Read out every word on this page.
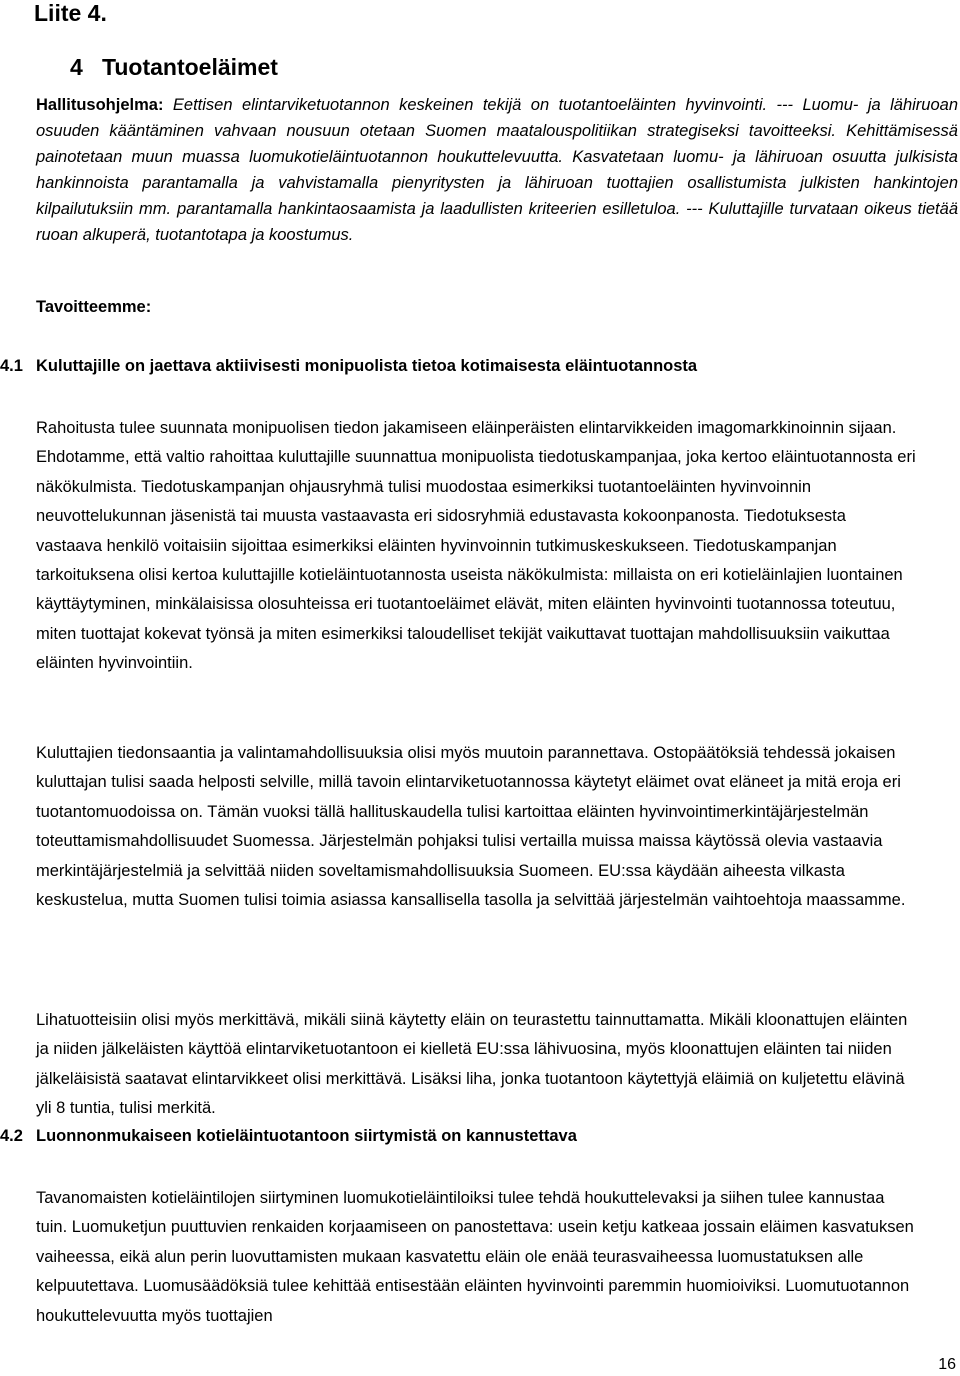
Liite 4.
4 Tuotantoeläimet
Hallitusohjelma: Eettisen elintarviketuotannon keskeinen tekijä on tuotantoeläinten hyvinvointi. --- Luomu- ja lähiruoan osuuden kääntäminen vahvaan nousuun otetaan Suomen maatalouspolitiikan strategiseksi tavoitteeksi. Kehittämisessä painotetaan muun muassa luomukotieläintuotannon houkuttelevuutta. Kasvatetaan luomu- ja lähiruoan osuutta julkisista hankinnoista parantamalla ja vahvistamalla pienyritysten ja lähiruoan tuottajien osallistumista julkisten hankintojen kilpailutuksiin mm. parantamalla hankintaosaamista ja laadullisten kriteerien esilletuloa. --- Kuluttajille turvataan oikeus tietää ruoan alkuperä, tuotantotapa ja koostumus.
Tavoitteemme:
4.1 Kuluttajille on jaettava aktiivisesti monipuolista tietoa kotimaisesta eläintuotannosta
Rahoitusta tulee suunnata monipuolisen tiedon jakamiseen eläinperäisten elintarvikkeiden imagomarkkinoinnin sijaan. Ehdotamme, että valtio rahoittaa kuluttajille suunnattua monipuolista tiedotuskampanjaa, joka kertoo eläintuotannosta eri näkökulmista. Tiedotuskampanjan ohjausryhmä tulisi muodostaa esimerkiksi tuotantoeläinten hyvinvoinnin neuvottelukunnan jäsenistä tai muusta vastaavasta eri sidosryhmiä edustavasta kokoonpanosta. Tiedotuksesta vastaava henkilö voitaisiin sijoittaa esimerkiksi eläinten hyvinvoinnin tutkimuskeskukseen. Tiedotuskampanjan tarkoituksena olisi kertoa kuluttajille kotieläintuotannosta useista näkökulmista: millaista on eri kotieläinlajien luontainen käyttäytyminen, minkälaisissa olosuhteissa eri tuotantoeläimet elävät, miten eläinten hyvinvointi tuotannossa toteutuu, miten tuottajat kokevat työnsä ja miten esimerkiksi taloudelliset tekijät vaikuttavat tuottajan mahdollisuuksiin vaikuttaa eläinten hyvinvointiin.
Kuluttajien tiedonsaantia ja valintamahdollisuuksia olisi myös muutoin parannettava. Ostopäätöksiä tehdessä jokaisen kuluttajan tulisi saada helposti selville, millä tavoin elintarviketuotannossa käytetyt eläimet ovat eläneet ja mitä eroja eri tuotantomuodoissa on. Tämän vuoksi tällä hallituskaudella tulisi kartoittaa eläinten hyvinvointimerkintäjärjestelmän toteuttamismahdollisuudet Suomessa. Järjestelmän pohjaksi tulisi vertailla muissa maissa käytössä olevia vastaavia merkintäjärjestelmiä ja selvittää niiden soveltamismahdollisuuksia Suomeen. EU:ssa käydään aiheesta vilkasta keskustelua, mutta Suomen tulisi toimia asiassa kansallisella tasolla ja selvittää järjestelmän vaihtoehtoja maassamme.
Lihatuotteisiin olisi myös merkittävä, mikäli siinä käytetty eläin on teurastettu tainnuttamatta. Mikäli kloonattujen eläinten ja niiden jälkeläisten käyttöä elintarviketuotantoon ei kielletä EU:ssa lähivuosina, myös kloonattujen eläinten tai niiden jälkeläisistä saatavat elintarvikkeet olisi merkittävä. Lisäksi liha, jonka tuotantoon käytettyjä eläimiä on kuljetettu elävinä yli 8 tuntia, tulisi merkitä.
4.2 Luonnonmukaiseen kotieläintuotantoon siirtymistä on kannustettava
Tavanomaisten kotieläintilojen siirtyminen luomukotieläintiloiksi tulee tehdä houkuttelevaksi ja siihen tulee kannustaa tuin. Luomuketjun puuttuvien renkaiden korjaamiseen on panostettava: usein ketju katkeaa jossain eläimen kasvatuksen vaiheessa, eikä alun perin luovuttamisten mukaan kasvatettu eläin ole enää teurasvaiheessa luomustatuksen alle kelpuutettava. Luomusäädöksiä tulee kehittää entisestään eläinten hyvinvointi paremmin huomioiviksi. Luomutuotannon houkuttelevuutta myös tuottajien
16
